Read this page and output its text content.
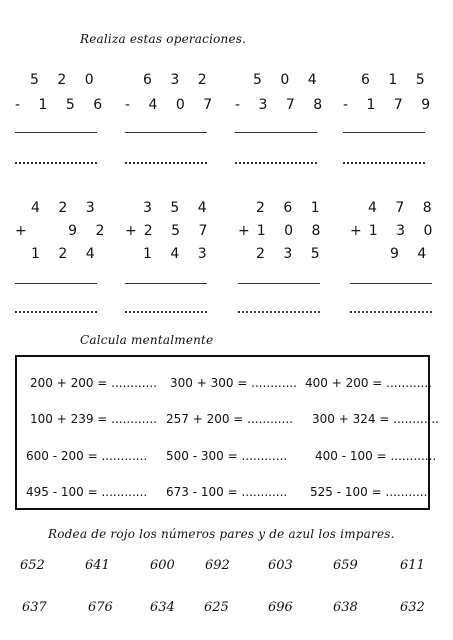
Realiza estas operaciones.
5 2 0
- 1 5 6
6 3 2
- 4 0 7
5 0 4
- 3 7 8
6 1 5
- 1 7 9
4 2 3
+   9 2
1 2 4
3 5 4
+2 5 7
1 4 3
2 6 1
+1 0 8
2 3 5
4 7 8
+1 3 0
9 4
Calcula mentalmente
200 + 200 = ............ 300 + 300 = ............ 400 + 200 = ............
100 + 239 = ............ 257 + 200 = ............ 300 + 324 = ............
600 - 200 = ............ 500 - 300 = ............ 400 - 100 = ............
495 - 100 = ............ 673 - 100 = ............ 525 - 100 = ............
Rodea de rojo los números pares y de azul los impares.
652	641	600 692	603	659	611
637	676	634 625	696	638	632
